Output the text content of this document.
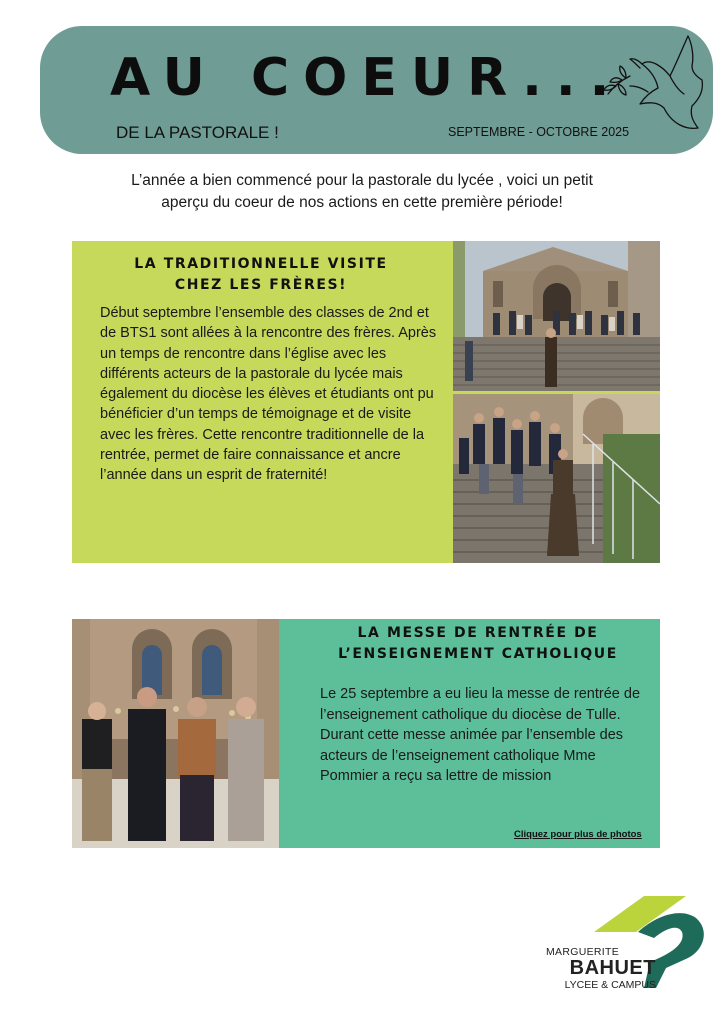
AU COEUR...
DE LA PASTORALE !	SEPTEMBRE - OCTOBRE 2025
L’année a bien commencé pour la pastorale du lycée , voici un petit
aperçu du coeur de nos actions en cette première période!
LA TRADITIONNELLE VISITE
CHEZ LES FRÈRES!
Début septembre l’ensemble des classes de 2nd et de BTS1 sont allées à la rencontre des frères. Après un temps de rencontre dans l’église avec les différents acteurs de la pastorale du lycée mais également du diocèse les élèves et étudiants ont pu bénéficier d’un temps de témoignage et de visite avec les frères. Cette rencontre traditionnelle de la rentrée, permet de faire connaissance et ancre l’année dans un esprit de fraternité!
LA MESSE DE RENTRÉE DE
L’ENSEIGNEMENT CATHOLIQUE
Le 25 septembre a eu lieu la messe de rentrée de l’enseignement catholique du diocèse de Tulle.
Durant cette messe animée par l’ensemble des acteurs de l’enseignement catholique Mme Pommier a reçu sa lettre de mission
Cliquez pour plus de photos
MARGUERITE
BAHUET
LYCEE & CAMPUS
